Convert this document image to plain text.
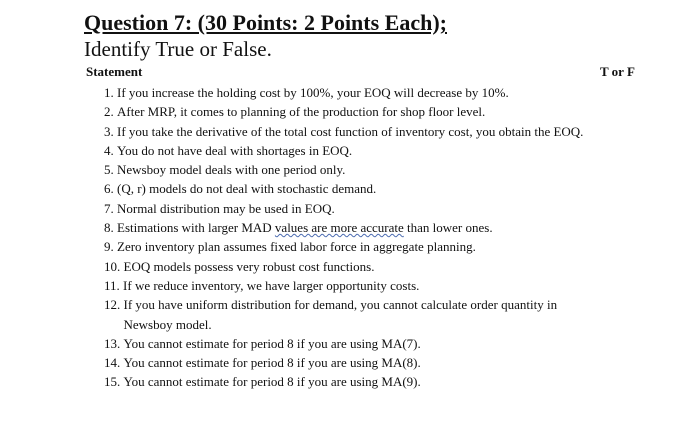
Question 7: (30 Points: 2 Points Each);
Identify True or False.
Statement	T or F
1. If you increase the holding cost by 100%, your EOQ will decrease by 10%.
2. After MRP, it comes to planning of the production for shop floor level.
3. If you take the derivative of the total cost function of inventory cost, you obtain the EOQ.
4. You do not have deal with shortages in EOQ.
5. Newsboy model deals with one period only.
6. (Q, r) models do not deal with stochastic demand.
7. Normal distribution may be used in EOQ.
8. Estimations with larger MAD values are more accurate than lower ones.
9. Zero inventory plan assumes fixed labor force in aggregate planning.
10. EOQ models possess very robust cost functions.
11. If we reduce inventory, we have larger opportunity costs.
12. If you have uniform distribution for demand, you cannot calculate order quantity in Newsboy model.
13. You cannot estimate for period 8 if you are using MA(7).
14. You cannot estimate for period 8 if you are using MA(8).
15. You cannot estimate for period 8 if you are using MA(9).
